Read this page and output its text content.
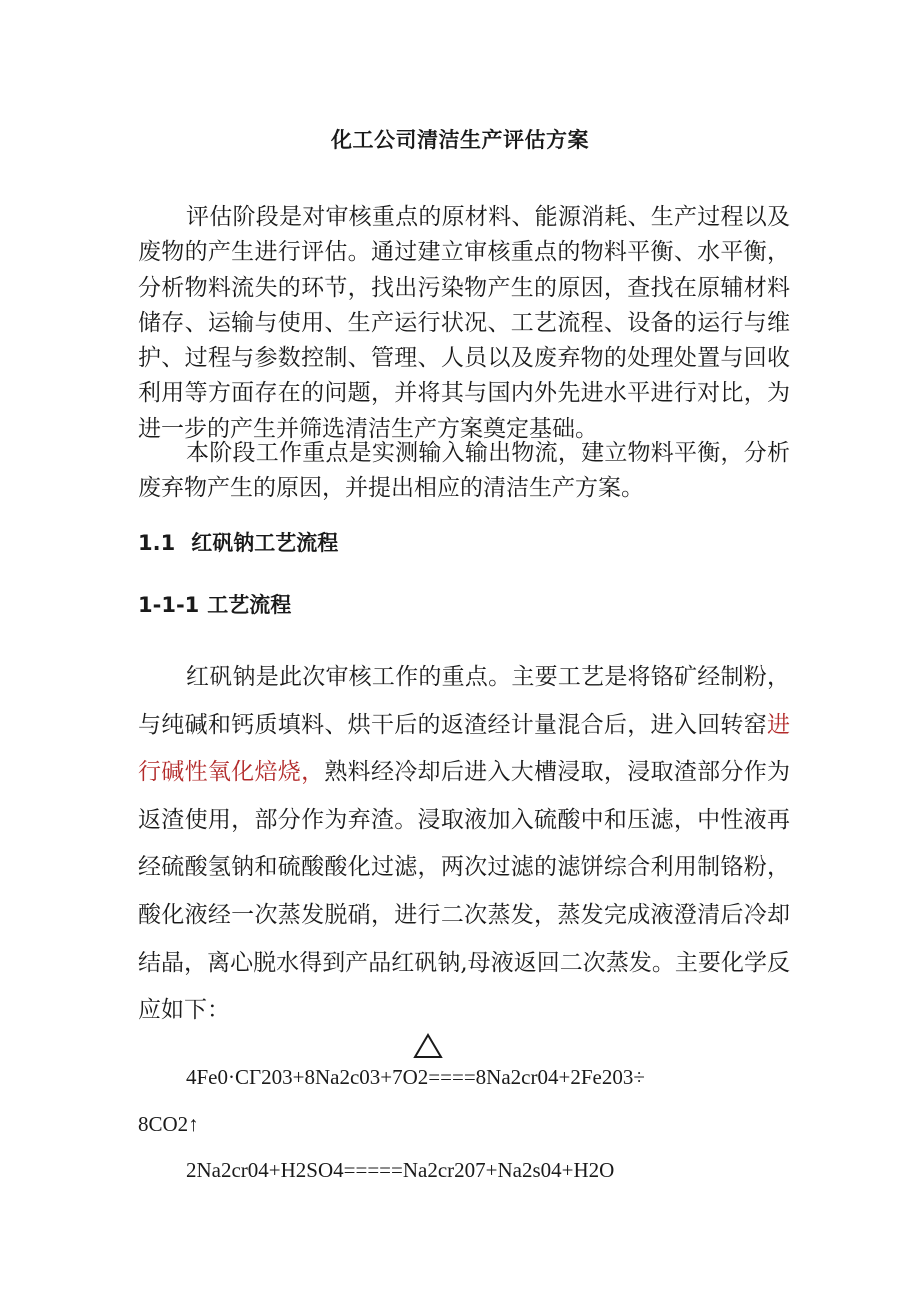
化工公司清洁生产评估方案

评估阶段是对审核重点的原材料、能源消耗、生产过程以及废物的产生进行评估。通过建立审核重点的物料平衡、水平衡，分析物料流失的环节，找出污染物产生的原因，查找在原辅材料储存、运输与使用、生产运行状况、工艺流程、设备的运行与维护、过程与参数控制、管理、人员以及废弃物的处理处置与回收利用等方面存在的问题，并将其与国内外先进水平进行对比，为进一步的产生并筛选清洁生产方案奠定基础。

本阶段工作重点是实测输入输出物流，建立物料平衡，分析废弃物产生的原因，并提出相应的清洁生产方案。

1.1 红矾钠工艺流程
1-1-1 工艺流程

红矾钠是此次审核工作的重点。主要工艺是将铬矿经制粉，与纯碱和钙质填料、烘干后的返渣经计量混合后，进入回转窑进行碱性氧化焙烧，熟料经冷却后进入大槽浸取，浸取渣部分作为返渣使用，部分作为弃渣。浸取液加入硫酸中和压滤，中性液再经硫酸氢钠和硫酸酸化过滤，两次过滤的滤饼综合利用制铬粉，酸化液经一次蒸发脱硝，进行二次蒸发，蒸发完成液澄清后冷却结晶，离心脱水得到产品红矾钠,母液返回二次蒸发。主要化学反应如下：

4Fe0·CΓ203+8Na2c03+7O2====8Na2cr04+2Fe203÷
8CO2↑
2Na2cr04+H2SO4=====Na2cr207+Na2s04+H2O
